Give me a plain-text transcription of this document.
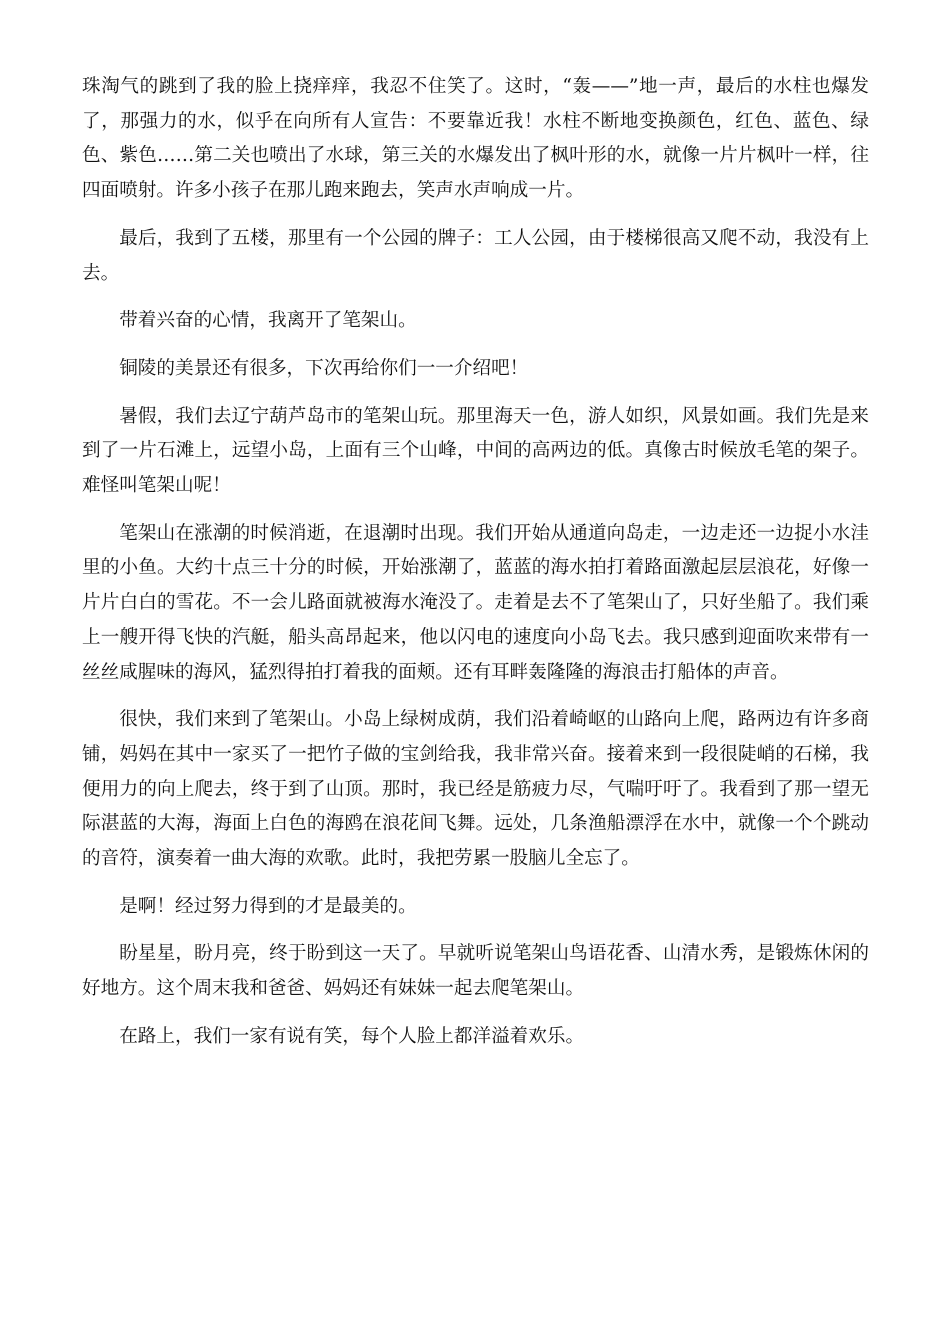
珠淘气的跳到了我的脸上挠痒痒，我忍不住笑了。这时，“轰——”地一声，最后的水柱也爆发了，那强力的水，似乎在向所有人宣告：不要靠近我！水柱不断地变换颜色，红色、蓝色、绿色、紫色……第二关也喷出了水球，第三关的水爆发出了枫叶形的水，就像一片片枫叶一样，往四面喷射。许多小孩子在那儿跑来跑去，笑声水声响成一片。

最后，我到了五楼，那里有一个公园的牌子：工人公园，由于楼梯很高又爬不动，我没有上去。

带着兴奋的心情，我离开了笔架山。

铜陵的美景还有很多，下次再给你们一一介绍吧！

暑假，我们去辽宁葫芦岛市的笔架山玩。那里海天一色，游人如织，风景如画。我们先是来到了一片石滩上，远望小岛，上面有三个山峰，中间的高两边的低。真像古时候放毛笔的架子。难怪叫笔架山呢！

笔架山在涨潮的时候消逝，在退潮时出现。我们开始从通道向岛走，一边走还一边捉小水洼里的小鱼。大约十点三十分的时候，开始涨潮了，蓝蓝的海水拍打着路面激起层层浪花，好像一片片白白的雪花。不一会儿路面就被海水淹没了。走着是去不了笔架山了，只好坐船了。我们乘上一艘开得飞快的汽艇，船头高昂起来，他以闪电的速度向小岛飞去。我只感到迎面吹来带有一丝丝咸腥味的海风，猛烈得拍打着我的面颊。还有耳畔轰隆隆的海浪击打船体的声音。

很快，我们来到了笔架山。小岛上绿树成荫，我们沿着崎岖的山路向上爬，路两边有许多商铺，妈妈在其中一家买了一把竹子做的宝剑给我，我非常兴奋。接着来到一段很陡峭的石梯，我便用力的向上爬去，终于到了山顶。那时，我已经是筋疲力尽，气喘吁吁了。我看到了那一望无际湛蓝的大海，海面上白色的海鸥在浪花间飞舞。远处，几条渔船漂浮在水中，就像一个个跳动的音符，演奏着一曲大海的欢歌。此时，我把劳累一股脑儿全忘了。

是啊！经过努力得到的才是最美的。

盼星星，盼月亮，终于盼到这一天了。早就听说笔架山鸟语花香、山清水秀，是锻炼休闲的好地方。这个周末我和爸爸、妈妈还有妹妹一起去爬笔架山。

在路上，我们一家有说有笑，每个人脸上都洋溢着欢乐。
